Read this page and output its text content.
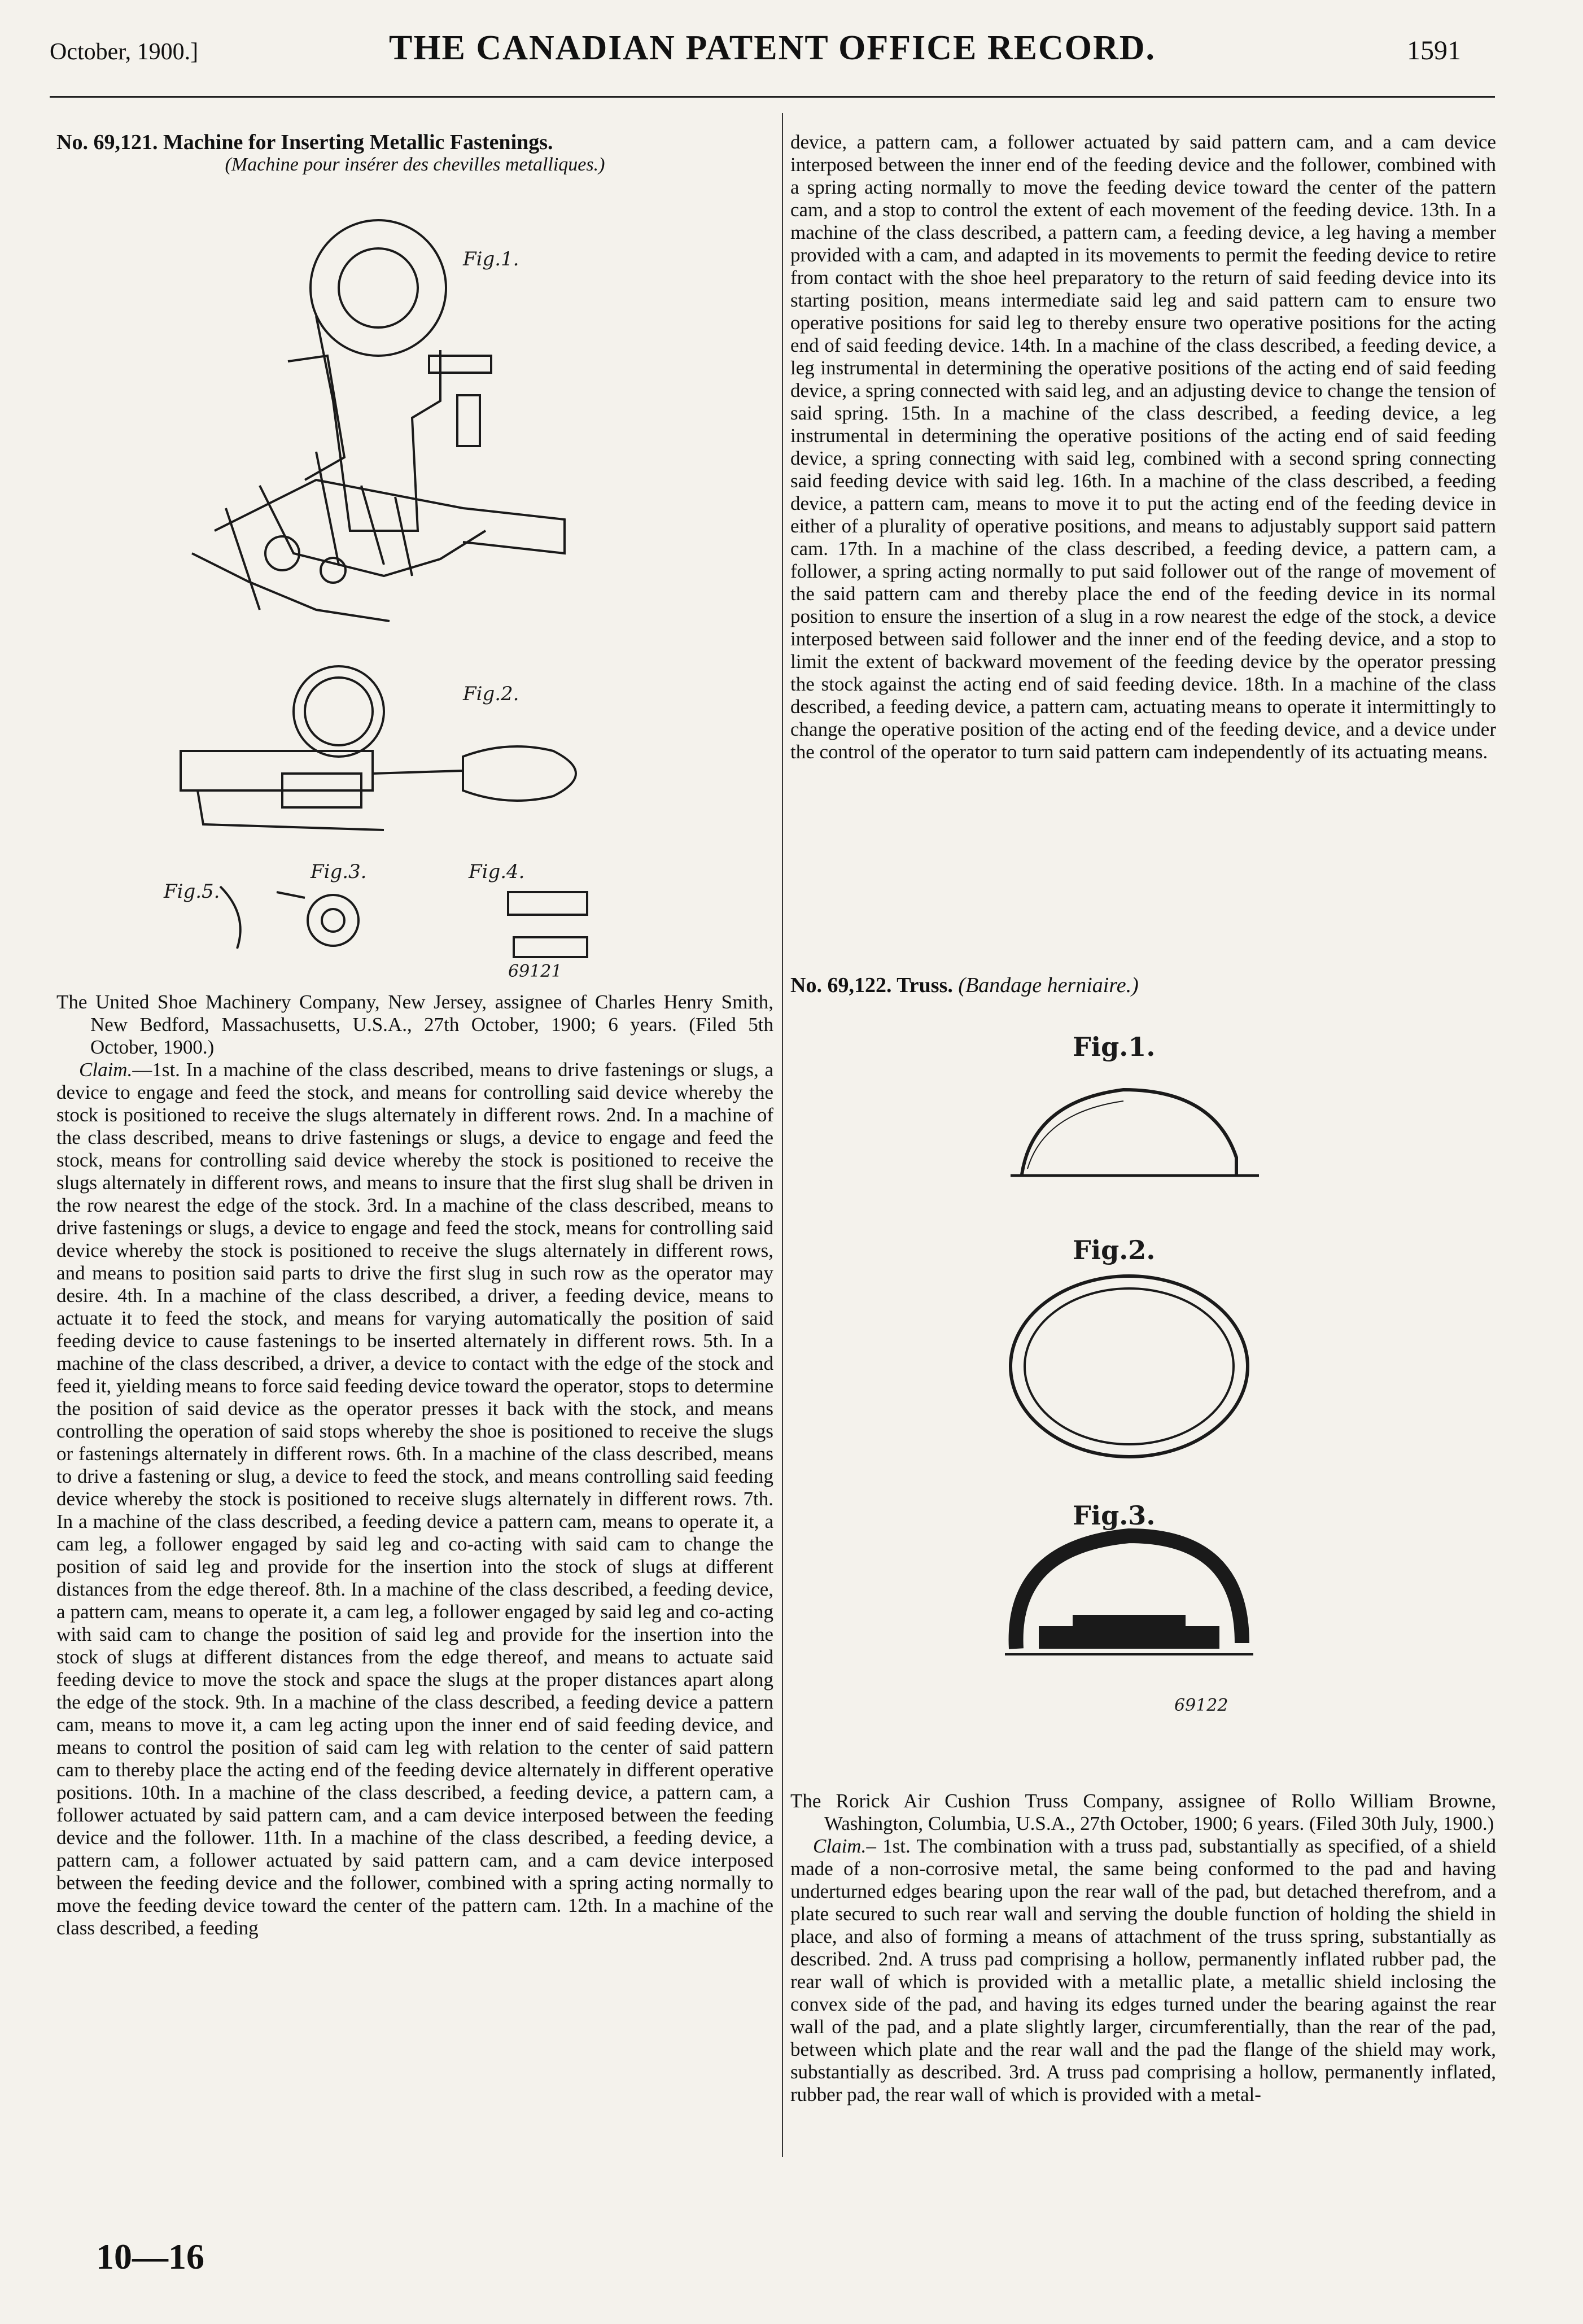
October, 1900.]	THE CANADIAN PATENT OFFICE RECORD.	1591

No. 69,121. Machine for Inserting Metallic Fastenings.

(Machine pour insérer des chevilles metalliques.)

Fig.1.
Fig.2.
Fig.3.	Fig.4.
Fig.5.
69121

The United Shoe Machinery Company, New Jersey, assignee of Charles Henry Smith, New Bedford, Massachusetts, U.S.A., 27th October, 1900; 6 years. (Filed 5th October, 1900.)

Claim.—1st. In a machine of the class described, means to drive fastenings or slugs, a device to engage and feed the stock, and means for controlling said device whereby the stock is positioned to receive the slugs alternately in different rows. 2nd. In a machine of the class described, means to drive fastenings or slugs, a device to engage and feed the stock, means for controlling said device whereby the stock is positioned to receive the slugs alternately in different rows, and means to insure that the first slug shall be driven in the row nearest the edge of the stock. 3rd. In a machine of the class described, means to drive fastenings or slugs, a device to engage and feed the stock, means for controlling said device whereby the stock is positioned to receive the slugs alternately in different rows, and means to position said parts to drive the first slug in such row as the operator may desire. 4th. In a machine of the class described, a driver, a feeding device, means to actuate it to feed the stock, and means for varying automatically the position of said feeding device to cause fastenings to be inserted alternately in different rows. 5th. In a machine of the class described, a driver, a device to contact with the edge of the stock and feed it, yielding means to force said feeding device toward the operator, stops to determine the position of said device as the operator presses it back with the stock, and means controlling the operation of said stops whereby the shoe is positioned to receive the slugs or fastenings alternately in different rows. 6th. In a machine of the class described, means to drive a fastening or slug, a device to feed the stock, and means controlling said feeding device whereby the stock is positioned to receive slugs alternately in different rows. 7th. In a machine of the class described, a feeding device a pattern cam, means to operate it, a cam leg, a follower engaged by said leg and co-acting with said cam to change the position of said leg and provide for the insertion into the stock of slugs at different distances from the edge thereof. 8th. In a machine of the class described, a feeding device, a pattern cam, means to operate it, a cam leg, a follower engaged by said leg and co-acting with said cam to change the position of said leg and provide for the insertion into the stock of slugs at different distances from the edge thereof, and means to actuate said feeding device to move the stock and space the slugs at the proper distances apart along the edge of the stock. 9th. In a machine of the class described, a feeding device a pattern cam, means to move it, a cam leg acting upon the inner end of said feeding device, and means to control the position of said cam leg with relation to the center of said pattern cam to thereby place the acting end of the feeding device alternately in different operative positions. 10th. In a machine of the class described, a feeding device, a pattern cam, a follower actuated by said pattern cam, and a cam device interposed between the feeding device and the follower. 11th. In a machine of the class described, a feeding device, a pattern cam, a follower actuated by said pattern cam, and a cam device interposed between the feeding device and the follower, combined with a spring acting normally to move the feeding device toward the center of the pattern cam. 12th. In a machine of the class described, a feeding

device, a pattern cam, a follower actuated by said pattern cam, and a cam device interposed between the inner end of the feeding device and the follower, combined with a spring acting normally to move the feeding device toward the center of the pattern cam, and a stop to control the extent of each movement of the feeding device. 13th. In a machine of the class described, a pattern cam, a feeding device, a leg having a member provided with a cam, and adapted in its movements to permit the feeding device to retire from contact with the shoe heel preparatory to the return of said feeding device into its starting position, means intermediate said leg and said pattern cam to ensure two operative positions for said leg to thereby ensure two operative positions for the acting end of said feeding device. 14th. In a machine of the class described, a feeding device, a leg instrumental in determining the operative positions of the acting end of said feeding device, a spring connected with said leg, and an adjusting device to change the tension of said spring. 15th. In a machine of the class described, a feeding device, a leg instrumental in determining the operative positions of the acting end of said feeding device, a spring connecting with said leg, combined with a second spring connecting said feeding device with said leg. 16th. In a machine of the class described, a feeding device, a pattern cam, means to move it to put the acting end of the feeding device in either of a plurality of operative positions, and means to adjustably support said pattern cam. 17th. In a machine of the class described, a feeding device, a pattern cam, a follower, a spring acting normally to put said follower out of the range of movement of the said pattern cam and thereby place the end of the feeding device in its normal position to ensure the insertion of a slug in a row nearest the edge of the stock, a device interposed between said follower and the inner end of the feeding device, and a stop to limit the extent of backward movement of the feeding device by the operator pressing the stock against the acting end of said feeding device. 18th. In a machine of the class described, a feeding device, a pattern cam, actuating means to operate it intermittingly to change the operative position of the acting end of the feeding device, and a device under the control of the operator to turn said pattern cam independently of its actuating means.

No. 69,122. Truss. (Bandage herniaire.)

Fig.1.
Fig.2.
Fig.3.
69122

The Rorick Air Cushion Truss Company, assignee of Rollo William Browne, Washington, Columbia, U.S.A., 27th October, 1900; 6 years. (Filed 30th July, 1900.)

Claim.– 1st. The combination with a truss pad, substantially as specified, of a shield made of a non-corrosive metal, the same being conformed to the pad and having underturned edges bearing upon the rear wall of the pad, but detached therefrom, and a plate secured to such rear wall and serving the double function of holding the shield in place, and also of forming a means of attachment of the truss spring, substantially as described. 2nd. A truss pad comprising a hollow, permanently inflated rubber pad, the rear wall of which is provided with a metallic plate, a metallic shield inclosing the convex side of the pad, and having its edges turned under the bearing against the rear wall of the pad, and a plate slightly larger, circumferentially, than the rear of the pad, between which plate and the rear wall and the pad the flange of the shield may work, substantially as described. 3rd. A truss pad comprising a hollow, permanently inflated, rubber pad, the rear wall of which is provided with a metal-

10—16
